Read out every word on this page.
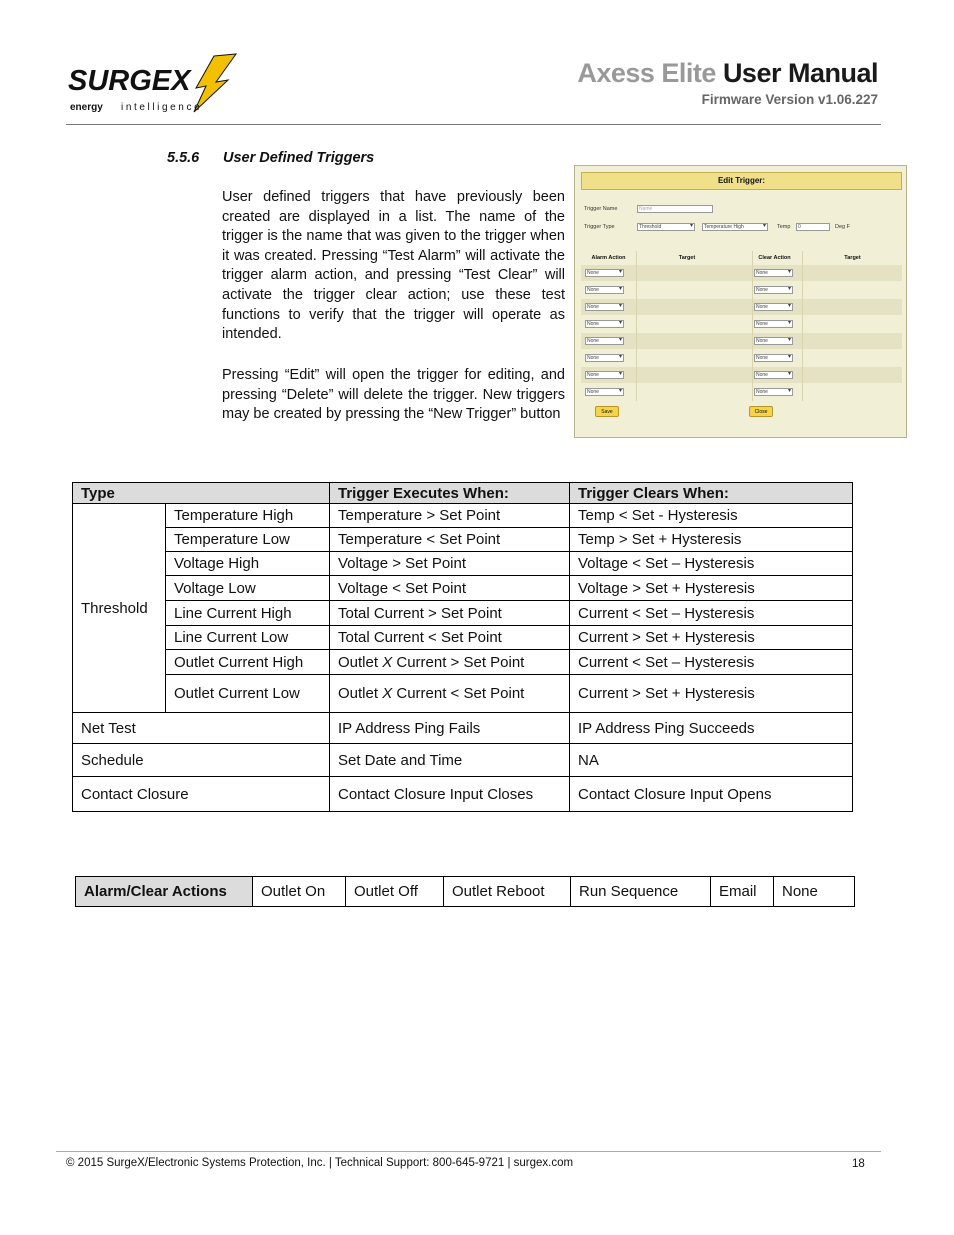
SURGEX
energy intelligence
Axess Elite User Manual
Firmware Version v1.06.227
5.5.6 User Defined Triggers
User defined triggers that have previously been created are displayed in a list. The name of the trigger is the name that was given to the trigger when it was created. Pressing “Test Alarm” will activate the trigger alarm action, and pressing “Test Clear” will activate the trigger clear action; use these test functions to verify that the trigger will operate as intended.
Pressing “Edit” will open the trigger for editing, and pressing “Delete” will delete the trigger. New triggers may be created by pressing the “New Trigger” button
Edit Trigger:
Trigger Name	Name
Trigger Type	Threshold ▾	Temperature High ▾	Temp	0	Deg F
Alarm Action	Target	Clear Action	Target
None ▾	None ▾
None ▾	None ▾
None ▾	None ▾
None ▾	None ▾
None ▾	None ▾
None ▾	None ▾
None ▾	None ▾
None ▾	None ▾
Save	Close
Type		Trigger Executes When:	Trigger Clears When:
Threshold	Temperature High	Temperature > Set Point	Temp < Set - Hysteresis
	Temperature Low	Temperature < Set Point	Temp > Set + Hysteresis
	Voltage High	Voltage > Set Point	Voltage < Set – Hysteresis
	Voltage Low	Voltage < Set Point	Voltage > Set + Hysteresis
	Line Current High	Total Current > Set Point	Current < Set – Hysteresis
	Line Current Low	Total Current < Set Point	Current > Set + Hysteresis
	Outlet Current High	Outlet X Current > Set Point	Current < Set – Hysteresis
	Outlet Current Low	Outlet X Current < Set Point	Current > Set + Hysteresis
Net Test		IP Address Ping Fails	IP Address Ping Succeeds
Schedule		Set Date and Time	NA
Contact Closure		Contact Closure Input Closes	Contact Closure Input Opens
Alarm/Clear Actions	Outlet On	Outlet Off	Outlet Reboot	Run Sequence	Email	None
© 2015 SurgeX/Electronic Systems Protection, Inc. | Technical Support: 800-645-9721 | surgex.com	18
